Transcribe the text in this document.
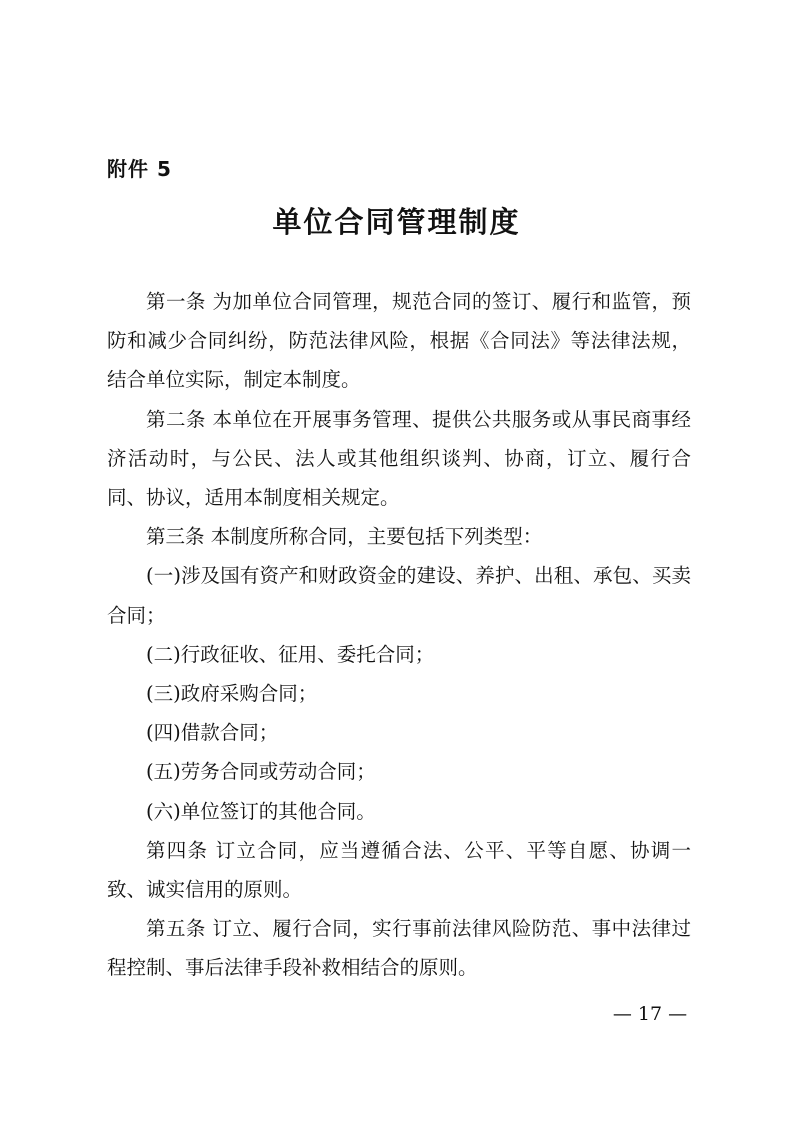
附件 5
单位合同管理制度

第一条 为加单位合同管理，规范合同的签订、履行和监管，预防和减少合同纠纷，防范法律风险，根据《合同法》等法律法规，结合单位实际，制定本制度。

第二条 本单位在开展事务管理、提供公共服务或从事民商事经济活动时，与公民、法人或其他组织谈判、协商，订立、履行合同、协议，适用本制度相关规定。

第三条 本制度所称合同，主要包括下列类型：

(一)涉及国有资产和财政资金的建设、养护、出租、承包、买卖合同；

(二)行政征收、征用、委托合同；

(三)政府采购合同；

(四)借款合同；

(五)劳务合同或劳动合同；

(六)单位签订的其他合同。

第四条 订立合同，应当遵循合法、公平、平等自愿、协调一致、诚实信用的原则。

第五条 订立、履行合同，实行事前法律风险防范、事中法律过程控制、事后法律手段补救相结合的原则。

— 17 —
